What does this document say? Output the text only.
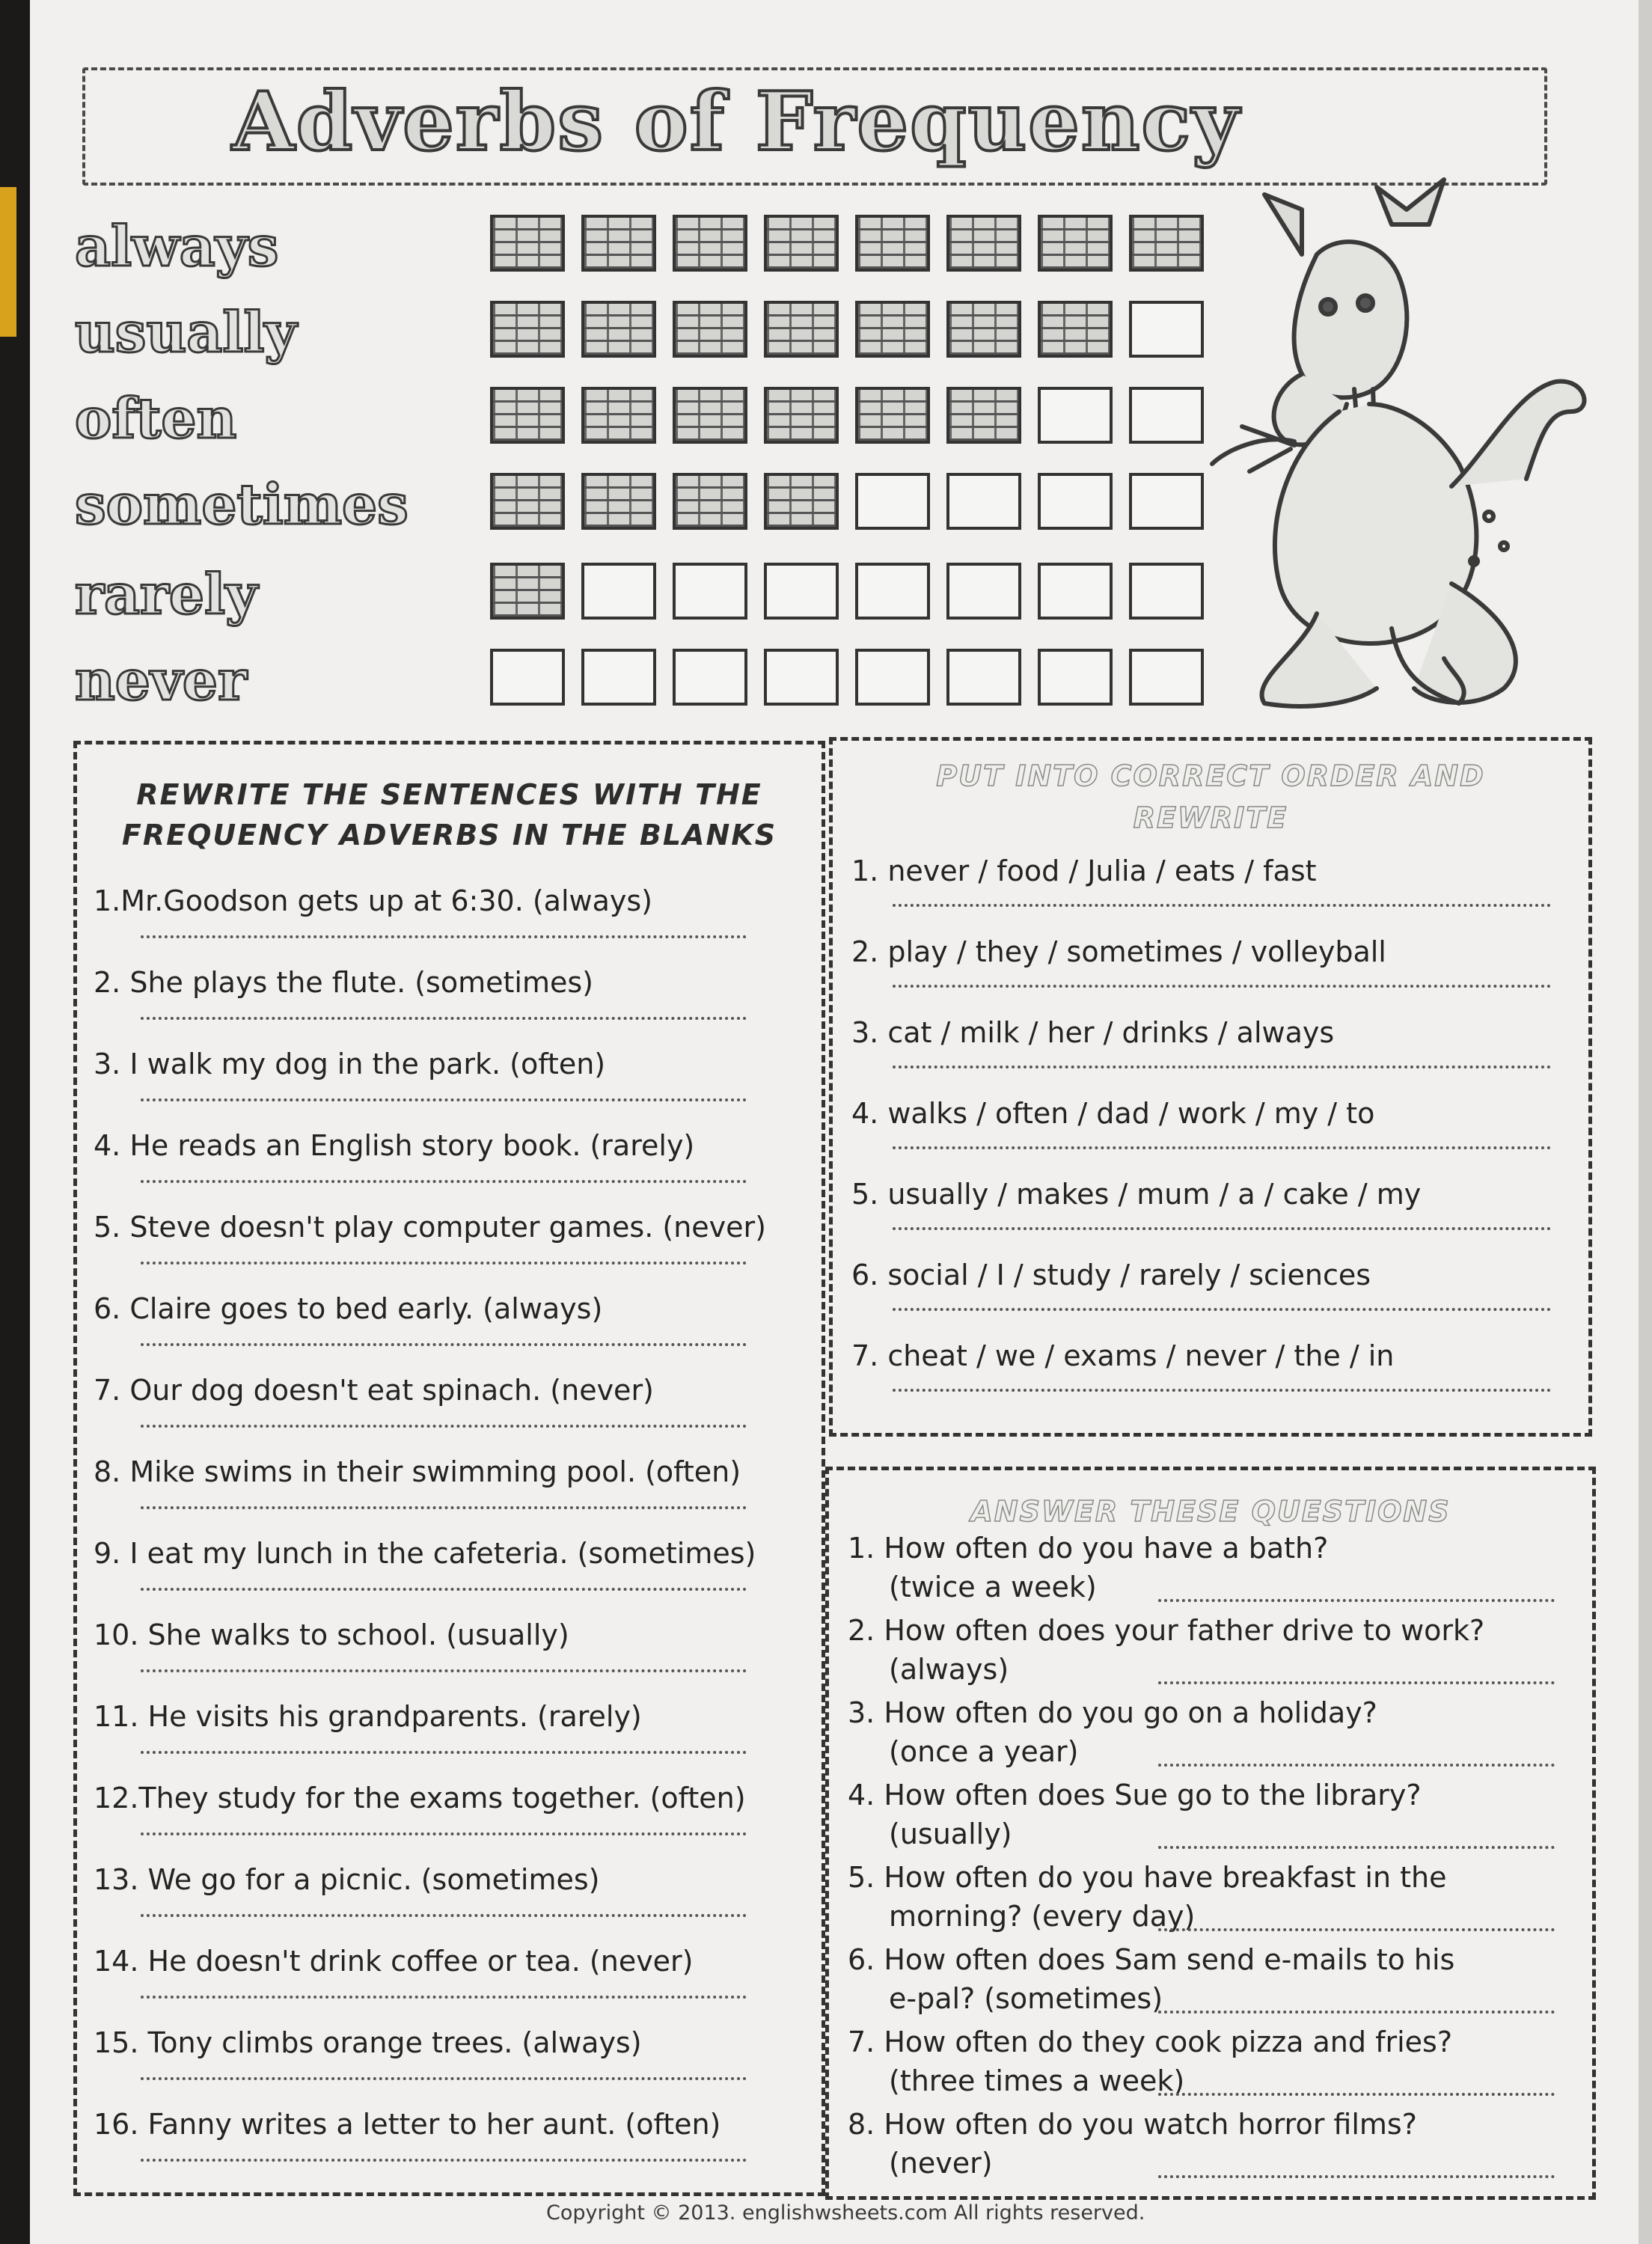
Adverbs of Frequency
always
usually
often
sometimes
rarely
never
REWRITE THE SENTENCES WITH THE
FREQUENCY ADVERBS IN THE BLANKS
1.Mr.Goodson gets up at 6:30. (always)
2. She plays the flute. (sometimes)
3. I walk my dog in the park. (often)
4. He reads an English story book. (rarely)
5. Steve doesn't play computer games. (never)
6. Claire goes to bed early. (always)
7. Our dog doesn't eat spinach. (never)
8. Mike swims in their swimming pool. (often)
9. I eat my lunch in the cafeteria. (sometimes)
10. She walks to school. (usually)
11. He visits his grandparents. (rarely)
12.They study for the exams together. (often)
13. We go for a picnic. (sometimes)
14. He doesn't drink coffee or tea. (never)
15. Tony climbs orange trees. (always)
16. Fanny writes a letter to her aunt. (often)
PUT INTO CORRECT ORDER AND
REWRITE
1. never / food / Julia / eats / fast
2. play / they / sometimes / volleyball
3. cat / milk / her / drinks / always
4. walks / often / dad / work / my / to
5. usually / makes / mum / a / cake / my
6. social / I / study / rarely / sciences
7. cheat / we / exams / never / the / in
ANSWER THESE QUESTIONS
1. How often do you have a bath?
(twice a week)
2. How often does your father drive to work?
(always)
3. How often do you go on a holiday?
(once a year)
4. How often does Sue go to the library?
(usually)
5. How often do you have breakfast in the
morning? (every day)
6. How often does Sam send e-mails to his
e-pal? (sometimes)
7. How often do they cook pizza and fries?
(three times a week)
8. How often do you watch horror films?
(never)
Copyright © 2013. englishwsheets.com All rights reserved.
